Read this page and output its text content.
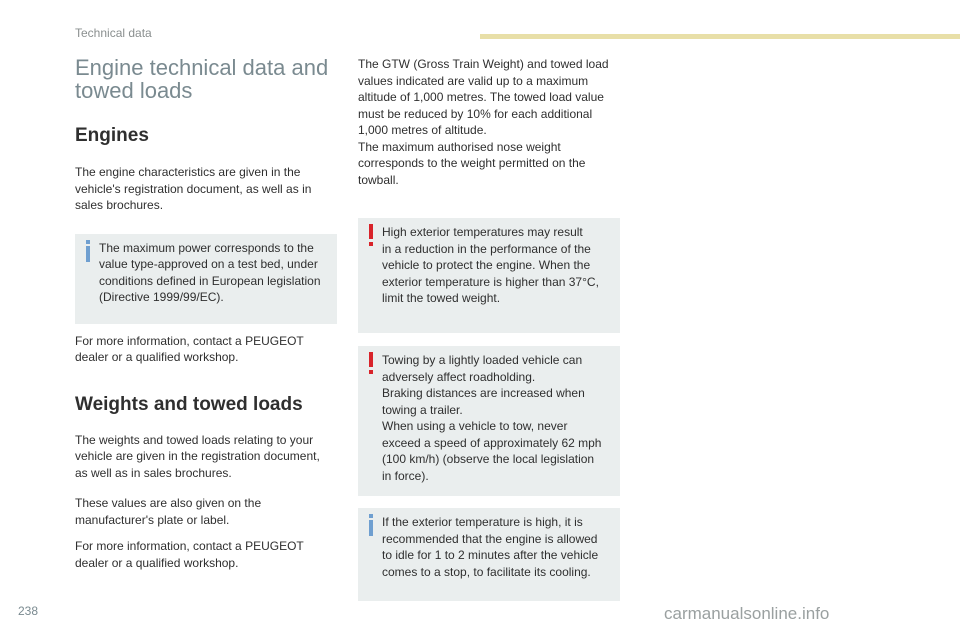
Technical data
Engine technical data and
towed loads
Engines

The engine characteristics are given in the
vehicle's registration document, as well as in
sales brochures.

The maximum power corresponds to the
value type-approved on a test bed, under
conditions defined in European legislation
(Directive 1999/99/EC).

For more information, contact a PEUGEOT
dealer or a qualified workshop.

Weights and towed loads

The weights and towed loads relating to your
vehicle are given in the registration document,
as well as in sales brochures.

These values are also given on the
manufacturer's plate or label.

For more information, contact a PEUGEOT
dealer or a qualified workshop.

The GTW (Gross Train Weight) and towed load
values indicated are valid up to a maximum
altitude of 1,000 metres. The towed load value
must be reduced by 10% for each additional
1,000 metres of altitude.
The maximum authorised nose weight
corresponds to the weight permitted on the
towball.

High exterior temperatures may result
in a reduction in the performance of the
vehicle to protect the engine. When the
exterior temperature is higher than 37°C,
limit the towed weight.

Towing by a lightly loaded vehicle can
adversely affect roadholding.
Braking distances are increased when
towing a trailer.
When using a vehicle to tow, never
exceed a speed of approximately 62 mph
(100 km/h) (observe the local legislation
in force).

If the exterior temperature is high, it is
recommended that the engine is allowed
to idle for 1 to 2 minutes after the vehicle
comes to a stop, to facilitate its cooling.

238	carmanualsonline.info
